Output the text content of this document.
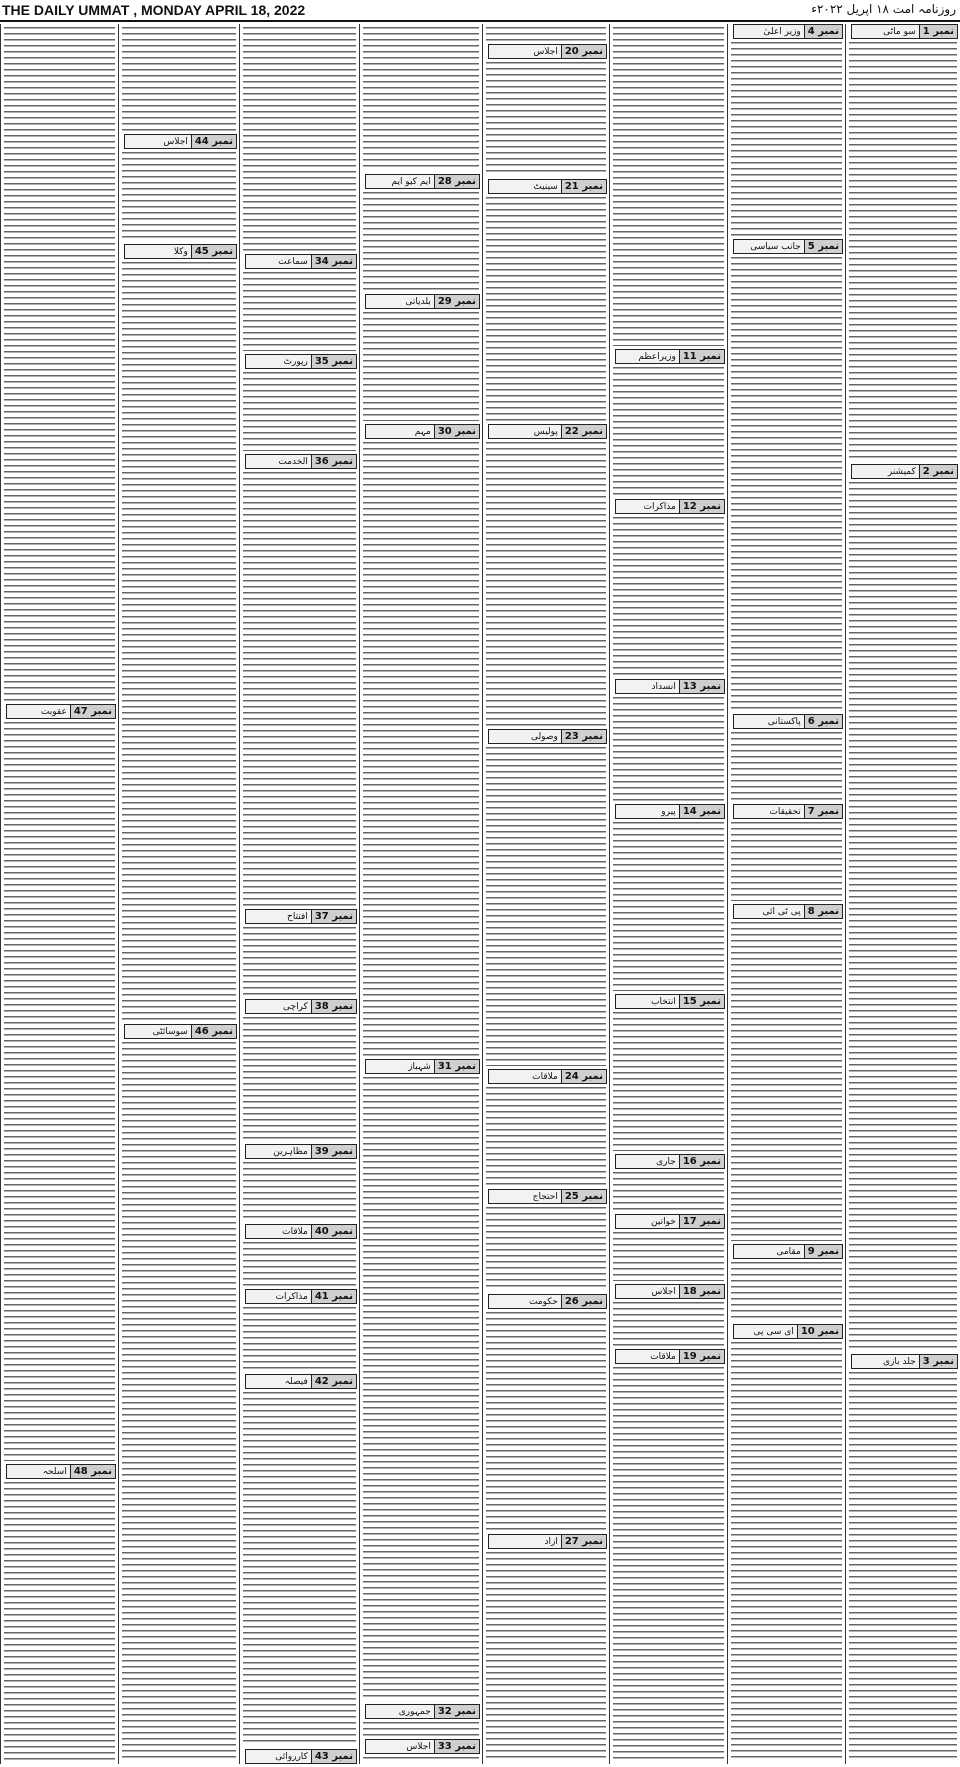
THE DAILY UMMAT , MONDAY APRIL 18, 2022	روزنامہ امت ۱۸ اپریل ۲۰۲۲ء
نمبر 1
سو ماٹی
نمبر 2
کمیشنر
نمبر 3
جلد بازی
نمبر 4
وزیر اعلیٰ
نمبر 5
جانب سیاسی
نمبر 6
پاکستانی
نمبر 7
تحقیقات
نمبر 8
پی ٹی آئی
نمبر 9
مقامی
نمبر 10
ای سی پی
نمبر 11
وزیراعظم
نمبر 12
مذاکرات
نمبر 13
انسداد
نمبر 14
پیرو
نمبر 15
انتخاب
نمبر 16
جاری
نمبر 17
خواتین
نمبر 18
اجلاس
نمبر 19
ملاقات
نمبر 20
اجلاس
نمبر 21
سینیٹ
نمبر 22
پولیس
نمبر 23
وصولی
نمبر 24
ملاقات
نمبر 25
احتجاج
نمبر 26
حکومت
نمبر 27
آزاد
نمبر 28
ایم کیو ایم
نمبر 29
بلدیاتی
نمبر 30
مہم
نمبر 31
شہباز
نمبر 32
جمہوری
نمبر 33
اجلاس
نمبر 34
سماعت
نمبر 35
رپورٹ
نمبر 36
الخدمت
نمبر 37
افتتاح
نمبر 38
کراچی
نمبر 39
مظاہرین
نمبر 40
ملاقات
نمبر 41
مذاکرات
نمبر 42
فیصلہ
نمبر 43
کارروائی
نمبر 44
اجلاس
نمبر 45
وکلا
نمبر 46
سوسائٹی
نمبر 47
عقوبت
نمبر 48
اسلحہ
